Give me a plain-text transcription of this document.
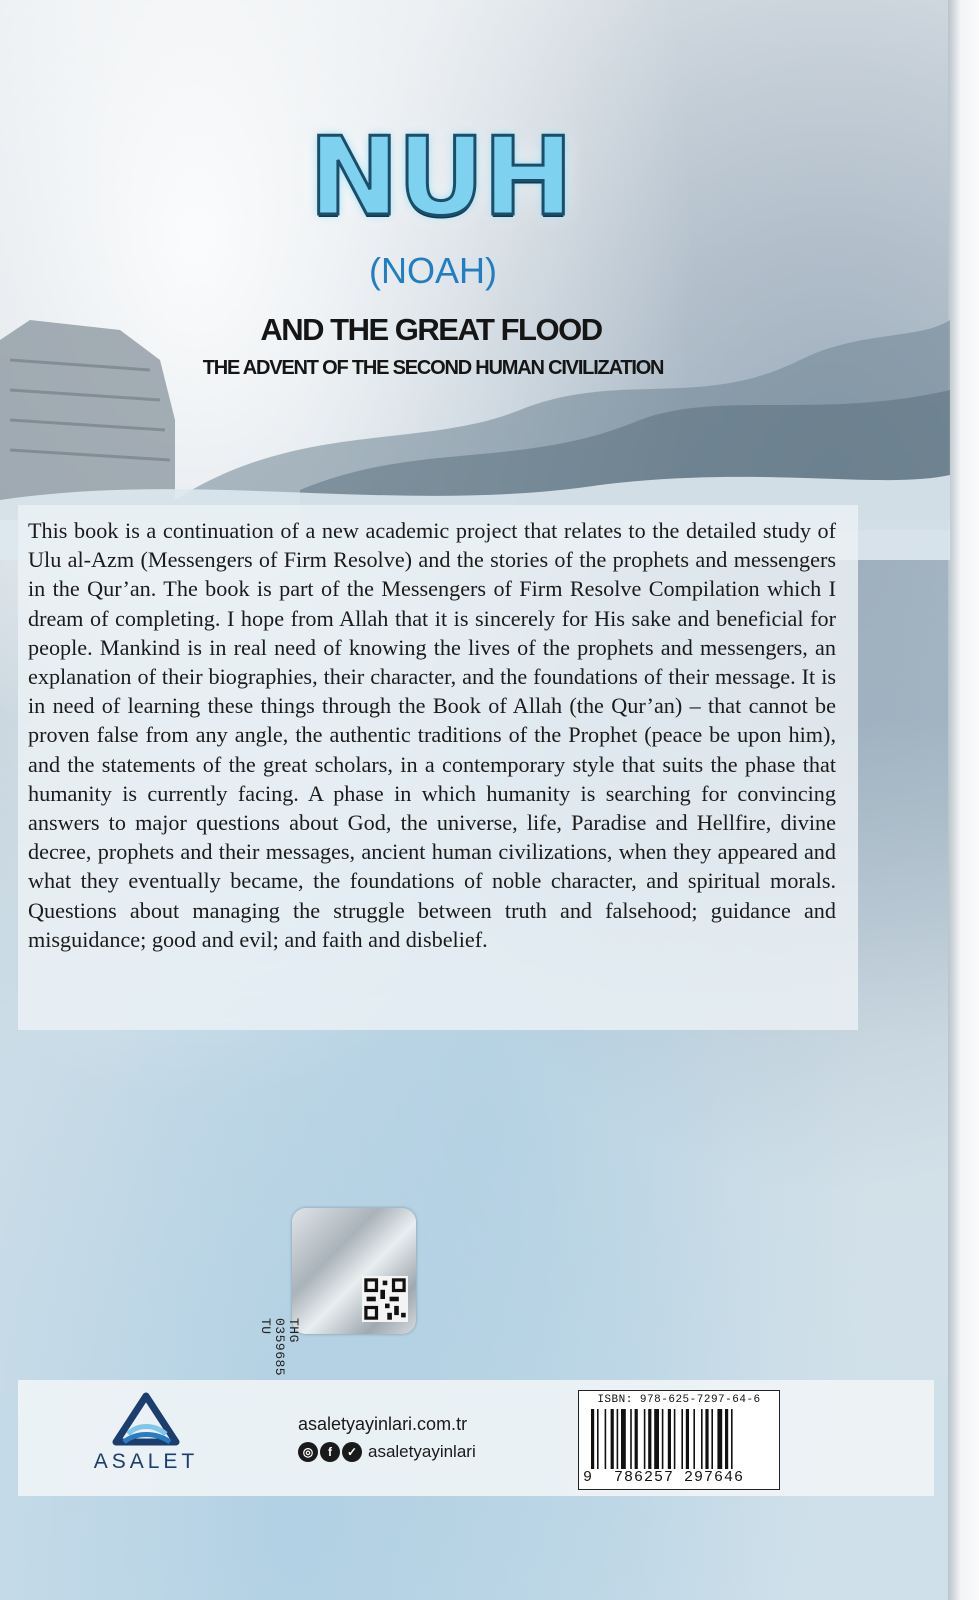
NUH
(NOAH)
AND THE GREAT FLOOD
THE ADVENT OF THE SECOND HUMAN CIVILIZATION

This book is a continuation of a new academic project that relates to the detailed study of Ulu al-Azm (Messengers of Firm Resolve) and the stories of the prophets and messengers in the Qur’an. The book is part of the Messengers of Firm Resolve Compilation which I dream of completing. I hope from Allah that it is sincerely for His sake and beneficial for people. Mankind is in real need of knowing the lives of the prophets and messengers, an explanation of their biographies, their character, and the foundations of their message. It is in need of learning these things through the Book of Allah (the Qur’an) – that cannot be proven false from any angle, the authentic traditions of the Prophet (peace be upon him), and the statements of the great scholars, in a contemporary style that suits the phase that humanity is currently facing. A phase in which humanity is searching for convincing answers to major questions about God, the universe, life, Paradise and Hellfire, divine decree, prophets and their messages, ancient human civilizations, when they appeared and what they eventually became, the foundations of noble character, and spiritual morals. Questions about managing the struggle between truth and falsehood; guidance and misguidance; good and evil; and faith and disbelief.

THG
0359685
TU
ASALET
asaletyayinlari.com.tr
◎	f	✓ asaletyayinlari
ISBN: 978-625-7297-64-6
9	786257 297646
